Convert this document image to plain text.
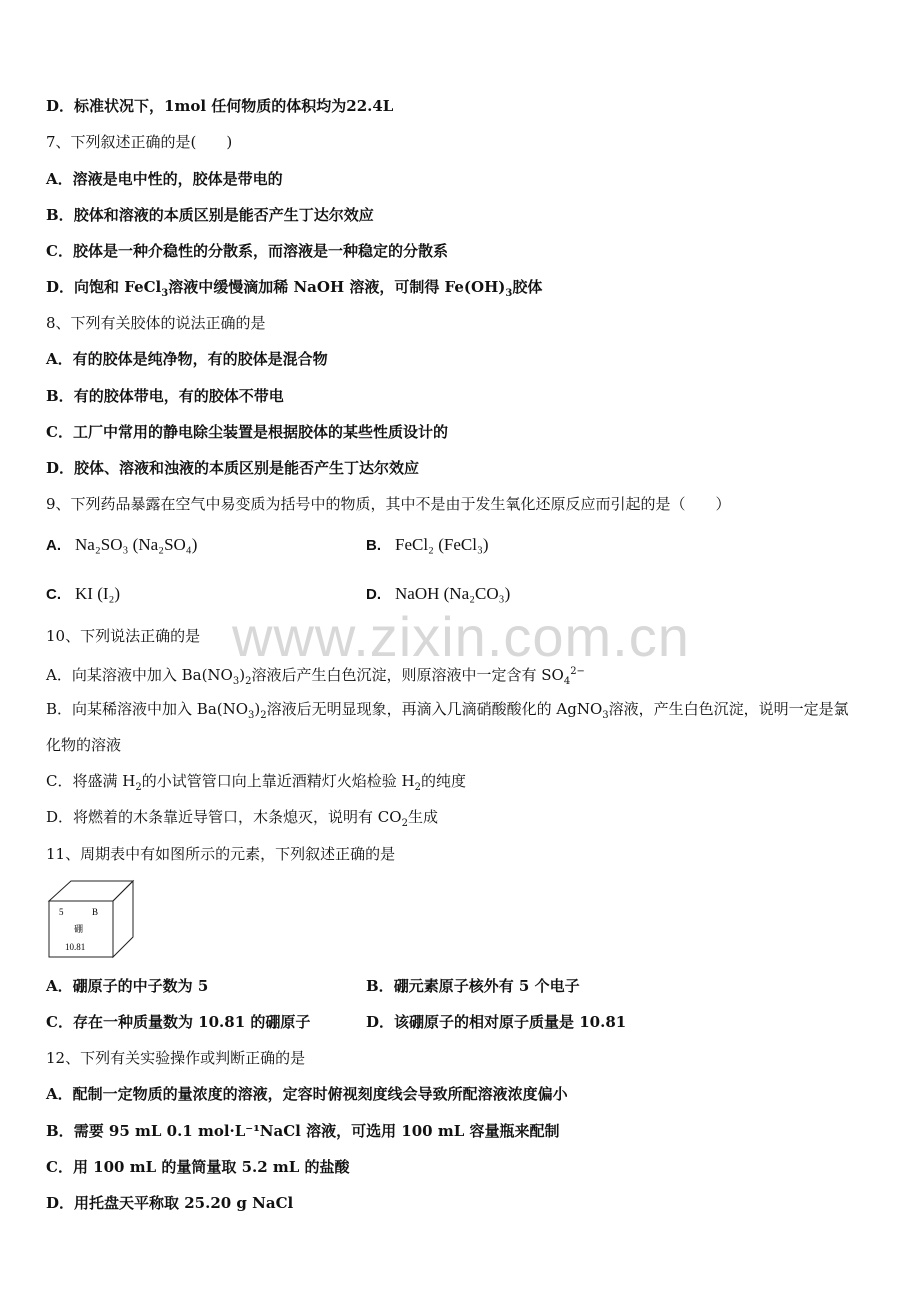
www.zixin.com.cn
D．标准状况下，1mol 任何物质的体积均为22.4L
7、下列叙述正确的是(　　)
A．溶液是电中性的，胶体是带电的
B．胶体和溶液的本质区别是能否产生丁达尔效应
C．胶体是一种介稳性的分散系，而溶液是一种稳定的分散系
D．向饱和 FeCl$_3$溶液中缓慢滴加稀 NaOH 溶液，可制得 $Fe(OH)_3$胶体
8、下列有关胶体的说法正确的是
A．有的胶体是纯净物，有的胶体是混合物
B．有的胶体带电，有的胶体不带电
C．工厂中常用的静电除尘装置是根据胶体的某些性质设计的
D．胶体、溶液和浊液的本质区别是能否产生丁达尔效应
9、下列药品暴露在空气中易变质为括号中的物质，其中不是由于发生氧化还原反应而引起的是（　　）
A. Na₂SO₃ (Na₂SO₄)	B. FeCl₂ (FeCl₃)
C. KI (I₂)	D. NaOH (Na₂CO₃)
10、下列说法正确的是
A．向某溶液中加入 $Ba(NO_3)_2$溶液后产生白色沉淀，则原溶液中一定含有 $SO_4^{2-}$
B．向某稀溶液中加入 $Ba(NO_3)_2$溶液后无明显现象，再滴入几滴硝酸酸化的 AgNO$_3$溶液，产生白色沉淀，说明一定是氯
化物的溶液
C．将盛满 $H_2$的小试管管口向上靠近酒精灯火焰检验 $H_2$的纯度
D．将燃着的木条靠近导管口，木条熄灭，说明有 $CO_2$生成
11、周期表中有如图所示的元素，下列叙述正确的是
5	B
硼
10.81
A．硼原子的中子数为 5	B．硼元素原子核外有 5 个电子
C．存在一种质量数为 10.81 的硼原子	D．该硼原子的相对原子质量是 10.81
12、下列有关实验操作或判断正确的是
A．配制一定物质的量浓度的溶液，定容时俯视刻度线会导致所配溶液浓度偏小
B．需要 95 mL 0.1 mol·L⁻¹NaCl 溶液，可选用 100 mL 容量瓶来配制
C．用 100 mL 的量筒量取 5.2 mL 的盐酸
D．用托盘天平称取 25.20 g NaCl
